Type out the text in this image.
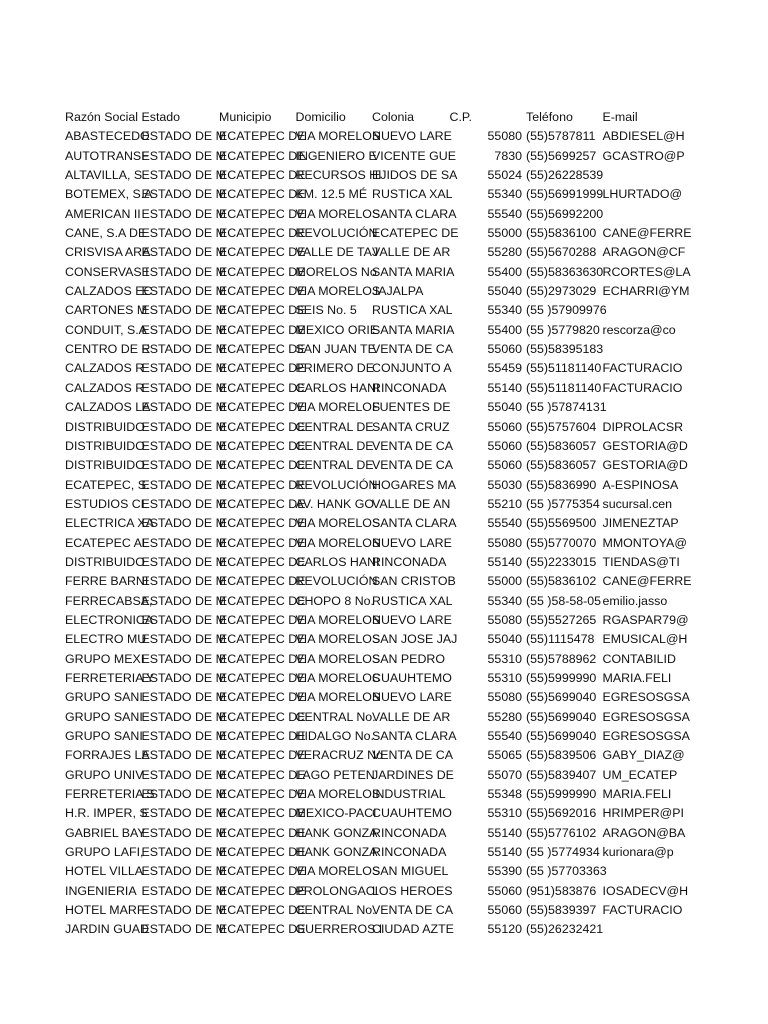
Razón Social	Estado	Municipio	Domicilio	Colonia	C.P.	Teléfono	E-mail
ABASTECEDO	ESTADO DE M	ECATEPEC DE	VIA MORELOS	NUEVO LARE	55080	(55)5787811	ABDIESEL@H
AUTOTRANSF	ESTADO DE M	ECATEPEC DE	INGENIERO E	VICENTE GUE	7830	(55)5699257	GCASTRO@P
ALTAVILLA, S.	ESTADO DE M	ECATEPEC DE	RECURSOS HI	EJIDOS DE SA	55024	(55)26228539	
BOTEMEX, S.A	ESTADO DE M	ECATEPEC DE	KM. 12.5 MÉ	RUSTICA XAL	55340	(55)56991999	LHURTADO@
AMERICAN II	ESTADO DE M	ECATEPEC DE	VIA MORELOS	SANTA CLARA	55540	(55)56992200	
CANE, S.A DE	ESTADO DE M	ECATEPEC DE	REVOLUCIÓN	ECATEPEC DE	55000	(55)5836100	CANE@FERRE
CRISVISA ARA	ESTADO DE M	ECATEPEC DE	VALLE DE TAJ	VALLE DE AR	55280	(55)5670288	ARAGON@CF
CONSERVAS I	ESTADO DE M	ECATEPEC DE	MORELOS No	SANTA MARIA	55400	(55)58363630	RCORTES@LA
CALZADOS EC	ESTADO DE M	ECATEPEC DE	VIA MORELOS	JAJALPA	55040	(55)2973029	ECHARRI@YM
CARTONES M	ESTADO DE M	ECATEPEC DE	SEIS No. 5	RUSTICA XAL	55340	(55 )57909976	
CONDUIT, S.A	ESTADO DE M	ECATEPEC DE	MEXICO ORIE	SANTA MARIA	55400	(55 )5779820	rescorza@co
CENTRO DE R	ESTADO DE M	ECATEPEC DE	SAN JUAN TE	VENTA DE CA	55060	(55)58395183	
CALZADOS R	ESTADO DE M	ECATEPEC DE	PRIMERO DE	CONJUNTO A	55459	(55)51181140	FACTURACIO
CALZADOS R	ESTADO DE M	ECATEPEC DE	CARLOS HANI	RINCONADA	55140	(55)51181140	FACTURACIO
CALZADOS LA	ESTADO DE M	ECATEPEC DE	VIA MORELOS	FUENTES DE	55040	(55 )57874131	
DISTRIBUIDO	ESTADO DE M	ECATEPEC DE	CENTRAL DE	SANTA CRUZ	55060	(55)5757604	DIPROLACSR
DISTRIBUIDO	ESTADO DE M	ECATEPEC DE	CENTRAL DE	VENTA DE CA	55060	(55)5836057	GESTORIA@D
DISTRIBUIDO	ESTADO DE M	ECATEPEC DE	CENTRAL DE	VENTA DE CA	55060	(55)5836057	GESTORIA@D
ECATEPEC, S.	ESTADO DE M	ECATEPEC DE	REVOLUCIÓN	HOGARES MA	55030	(55)5836990	A-ESPINOSA
ESTUDIOS CL	ESTADO DE M	ECATEPEC DE	AV. HANK GO	VALLE DE AN	55210	(55 )5775354	sucursal.cen
ELECTRICA XA	ESTADO DE M	ECATEPEC DE	VIA MORELOS	SANTA CLARA	55540	(55)5569500	JIMENEZTAP
ECATEPEC AL	ESTADO DE M	ECATEPEC DE	VIA MORELOS	NUEVO LARE	55080	(55)5770070	MMONTOYA@
DISTRIBUIDO	ESTADO DE M	ECATEPEC DE	CARLOS HANI	RINCONADA	55140	(55)2233015	TIENDAS@TI
FERRE BARNI	ESTADO DE M	ECATEPEC DE	REVOLUCIÓN	SAN CRISTOB	55000	(55)5836102	CANE@FERRE
FERRECABSA,	ESTADO DE M	ECATEPEC DE	CHOPO 8 No.	RUSTICA XAL	55340	(55 )58-58-05	emilio.jasso
ELECTRONICA	ESTADO DE M	ECATEPEC DE	VIA MORELOS	NUEVO LARE	55080	(55)5527265	RGASPAR79@
ELECTRO MU	ESTADO DE M	ECATEPEC DE	VIA MORELOS	SAN JOSE JAJ	55040	(55)1115478	EMUSICAL@H
GRUPO MEXI	ESTADO DE M	ECATEPEC DE	VIA MORELOS	SAN PEDRO	55310	(55)5788962	CONTABILID
FERRETERIA Y	ESTADO DE M	ECATEPEC DE	VIA MORELOS	CUAUHTEMO	55310	(55)5999990	MARIA.FELI
GRUPO SANI	ESTADO DE M	ECATEPEC DE	VIA MORELOS	NUEVO LARE	55080	(55)5699040	EGRESOSGSA
GRUPO SANI	ESTADO DE M	ECATEPEC DE	CENTRAL No.	VALLE DE AR	55280	(55)5699040	EGRESOSGSA
GRUPO SANI	ESTADO DE M	ECATEPEC DE	HIDALGO No.	SANTA CLARA	55540	(55)5699040	EGRESOSGSA
FORRAJES LA	ESTADO DE M	ECATEPEC DE	VERACRUZ No	VENTA DE CA	55065	(55)5839506	GABY_DIAZ@
GRUPO UNIV	ESTADO DE M	ECATEPEC DE	LAGO PETEN	JARDINES DE	55070	(55)5839407	UM_ECATEP
FERRETERIA S	ESTADO DE M	ECATEPEC DE	VIA MORELOS	INDUSTRIAL	55348	(55)5999990	MARIA.FELI
H.R. IMPER, S	ESTADO DE M	ECATEPEC DE	MEXICO-PACI	CUAUHTEMO	55310	(55)5692016	HRIMPER@PI
GABRIEL BAY	ESTADO DE M	ECATEPEC DE	HANK GONZA	RINCONADA	55140	(55)5776102	ARAGON@BA
GRUPO LAFI,	ESTADO DE M	ECATEPEC DE	HANK GONZA	RINCONADA	55140	(55 )5774934	kurionara@p
HOTEL VILLA	ESTADO DE M	ECATEPEC DE	VIA MORELOS	SAN MIGUEL	55390	(55 )57703363	
INGENIERIA	ESTADO DE M	ECATEPEC DE	PROLONGACI	LOS HEROES	55060	(951)583876	IOSADECV@H
HOTEL MARF	ESTADO DE M	ECATEPEC DE	CENTRAL No.	VENTA DE CA	55060	(55)5839397	FACTURACIO
JARDIN GUAD	ESTADO DE M	ECATEPEC DE	GUERREROS I	CIUDAD AZTE	55120	(55)26232421	
